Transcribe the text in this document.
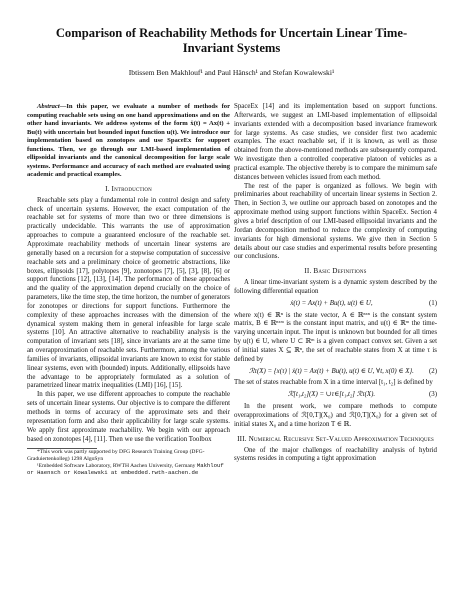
Comparison of Reachability Methods for Uncertain Linear Time-Invariant Systems
Ibtissem Ben Makhlouf¹ and Paul Hänsch¹ and Stefan Kowalewski¹

Abstract—In this paper, we evaluate a number of methods for computing reachable sets using on one hand approximations and on the other hand invariants. We address systems of the form ẋ(t) = Ax(t) + Bu(t) with uncertain but bounded input function u(t). We introduce our implementation based on zonotopes and use SpaceEx for support functions. Then, we go through our LMI-based implementation of ellipsoidal invariants and the canonical decomposition for large scale systems. Performance and accuracy of each method are evaluated using academic and practical examples.

I. Introduction

Reachable sets play a fundamental role in control design and safety check of uncertain systems. However, the exact computation of the reachable set for systems of more than two or three dimensions is practically undecidable. This warrants the use of approximation approaches to compute a guaranteed enclosure of the reachable set. Approximate reachability methods of uncertain linear systems are generally based on a recursion for a stepwise computation of successive reachable sets and a preliminary choice of geometric abstractions, like boxes, ellipsoids [17], polytopes [9], zonotopes [7], [5], [3], [8], [6] or support functions [12], [13], [14]. The performance of these approaches and the quality of the approximation depend crucially on the choice of parameters, like the time step, the time horizon, the number of generators for zonotopes or directions for support functions. Furthermore the complexity of these approaches increases with the dimension of the dynamical system making them in general infeasible for large scale systems [10]. An attractive alternative to reachability analysis is the computation of invariant sets [18], since invariants are at the same time an overapproximation of reachable sets. Furthermore, among the various families of invariants, ellipsoidal invariants are known to exist for stable linear systems, even with (bounded) inputs. Additionally, ellipsoids have the advantage to be appropriately formulated as a solution of parametrized linear matrix inequalities (LMI) [16], [15].

In this paper, we use different approaches to compute the reachable sets of uncertain linear systems. Our objective is to compare the different methods in terms of accuracy of the approximate sets and their representation form and also their applicability for large scale systems. We apply first approximate reachability. We begin with our approach based on zonotopes [4], [11]. Then we use the verification Toolbox

*This work was partly supported by DFG Research Training Group (DFG-Graduiertenkolleg) 1298 AlgoSyn

¹Embedded Software Laboratory, RWTH Aachen University, Germany Makhlouf or Haensch or Kowalewski at embedded.rwth-aachen.de

SpaceEx [14] and its implementation based on support functions. Afterwards, we suggest an LMI-based implementation of ellipsoidal invariants extended with a decomposition based invariance framework for large systems. As case studies, we consider first two academic examples. The exact reachable set, if it is known, as well as those obtained from the above-mentioned methods are subsequently compared. We investigate then a controlled cooperative platoon of vehicles as a practical example. The objective thereby is to compare the minimum safe distances between vehicles issued from each method.

The rest of the paper is organized as follows. We begin with preliminaries about reachability of uncertain linear systems in Section 2. Then, in Section 3, we outline our approach based on zonotopes and the approximate method using support functions within SpaceEx. Section 4 gives a brief description of our LMI-based ellipsoidal invariants and the Jordan decomposition method to reduce the complexity of computing invariants for high dimensional systems. We give then in Section 5 details about our case studies and experimental results before presenting our conclusions.

II. Basic Definitions

A linear time-invariant system is a dynamic system described by the following differential equation

ẋ(t) = Ax(t) + Bu(t), u(t) ∈ U,	(1)

where x(t) ∈ ℝⁿ is the state vector, A ∈ ℝⁿˣⁿ is the constant system matrix, B ∈ ℝⁿˣᵐ is the constant input matrix, and u(t) ∈ ℝᵐ the time-varying uncertain input. The input is unknown but bounded for all times by u(t) ∈ U, where U ⊂ ℝᵐ is a given compact convex set. Given a set of initial states X ⊆ ℝⁿ, the set of reachable states from X at time τ is defined by

ℛτ(X) = {x(τ) | ẋ(t) = Ax(t) + Bu(t), u(t) ∈ U, ∀t, x(0) ∈ X}.	(2)

The set of states reachable from X in a time interval [t₁, t₂] is defined by

ℛ[t₁,t₂](X) = ∪τ∈[t₁,t₂] ℛτ(X).	(3)

In the present work, we compare methods to compute overapproximations of ℛ[0,T](X₀) and ℛ[0,T](X₀) for a given set of initial states X₀ and a time horizon T ∈ ℝ.

III. Numerical Recursive Set-Valued Approximation Techniques

One of the major challenges of reachability analysis of hybrid systems resides in computing a tight approximation
